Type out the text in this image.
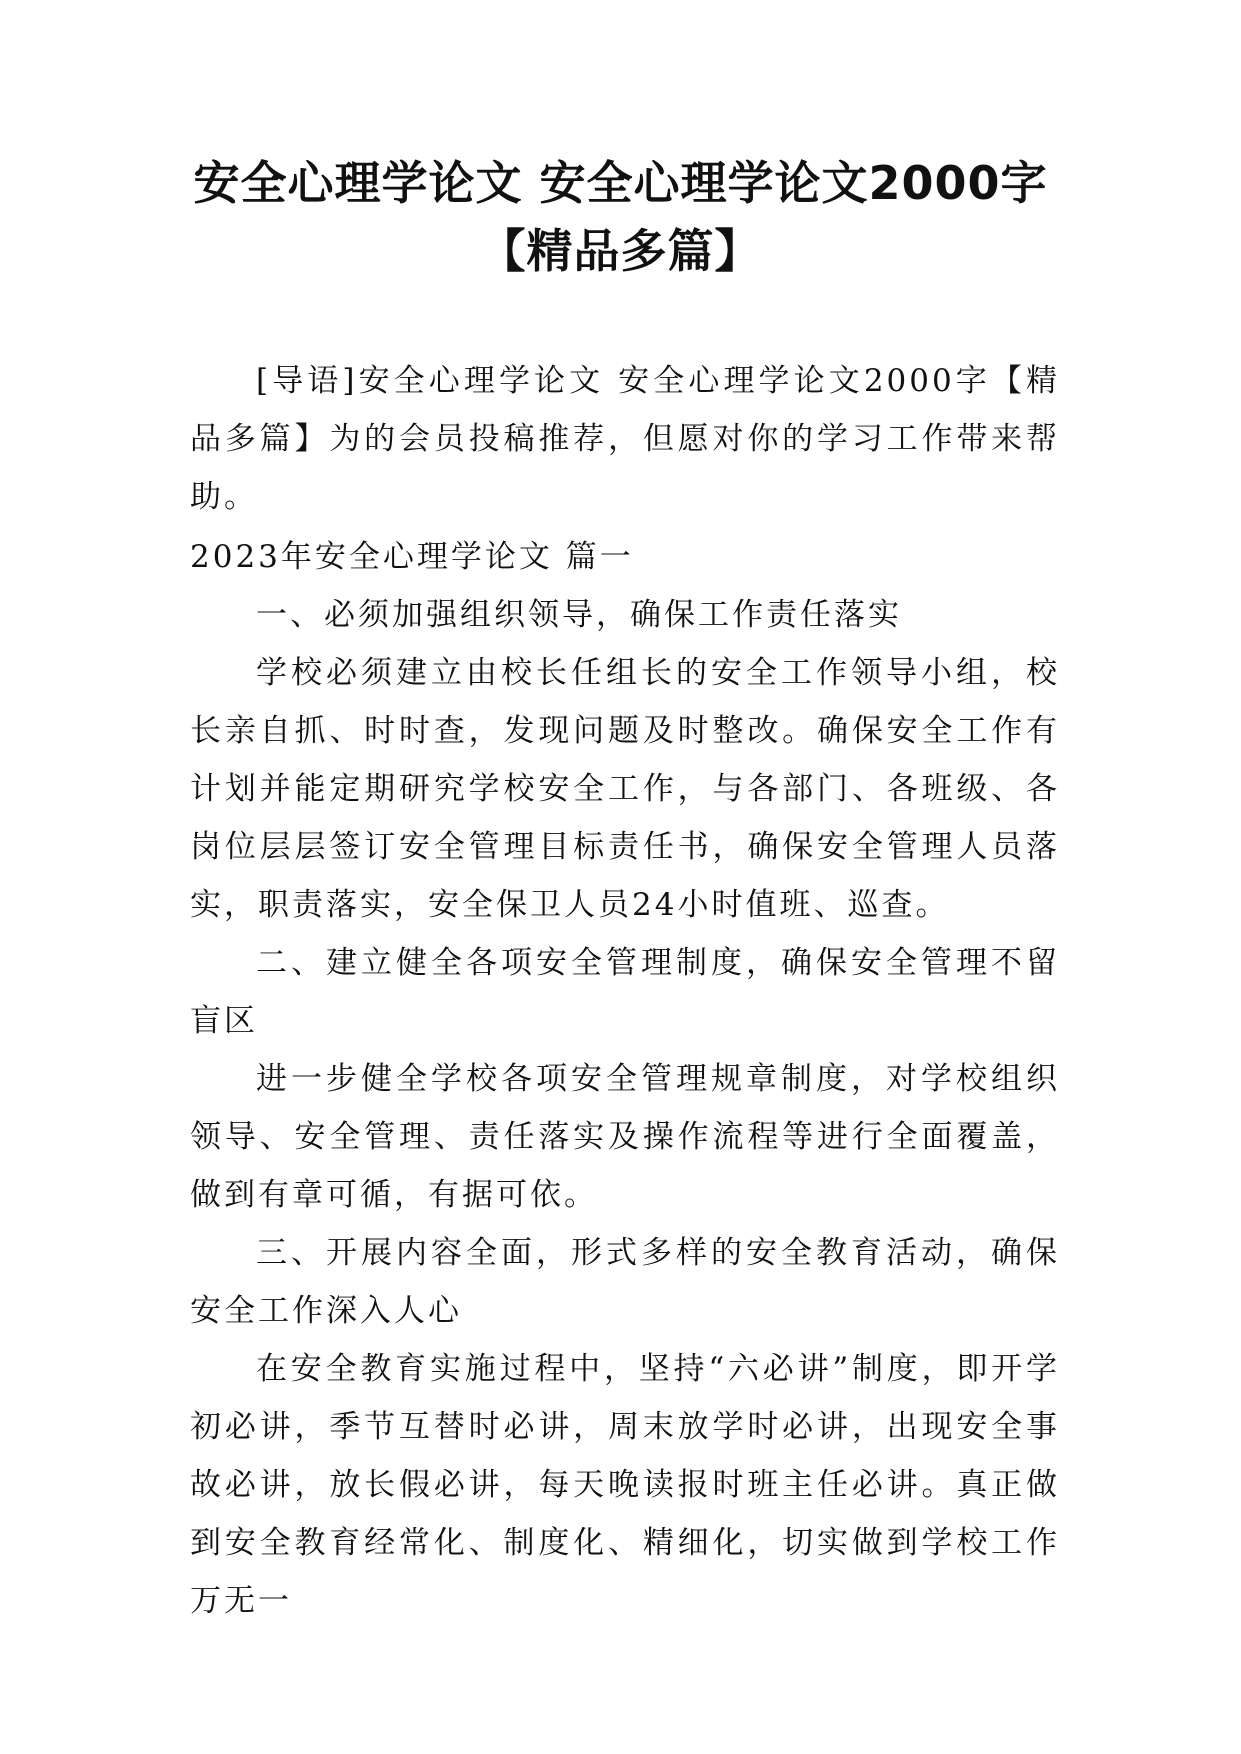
安全心理学论文 安全心理学论文2000字
【精品多篇】

[导语]安全心理学论文 安全心理学论文2000字【精品多篇】为的会员投稿推荐，但愿对你的学习工作带来帮助。

2023年安全心理学论文 篇一

一、必须加强组织领导，确保工作责任落实

学校必须建立由校长任组长的安全工作领导小组，校长亲自抓、时时查，发现问题及时整改。确保安全工作有计划并能定期研究学校安全工作，与各部门、各班级、各岗位层层签订安全管理目标责任书，确保安全管理人员落实，职责落实，安全保卫人员24小时值班、巡查。

二、建立健全各项安全管理制度，确保安全管理不留盲区

进一步健全学校各项安全管理规章制度，对学校组织领导、安全管理、责任落实及操作流程等进行全面覆盖，做到有章可循，有据可依。

三、开展内容全面，形式多样的安全教育活动，确保安全工作深入人心

在安全教育实施过程中，坚持“六必讲”制度，即开学初必讲，季节互替时必讲，周末放学时必讲，出现安全事故必讲，放长假必讲，每天晚读报时班主任必讲。真正做到安全教育经常化、制度化、精细化，切实做到学校工作万无一
